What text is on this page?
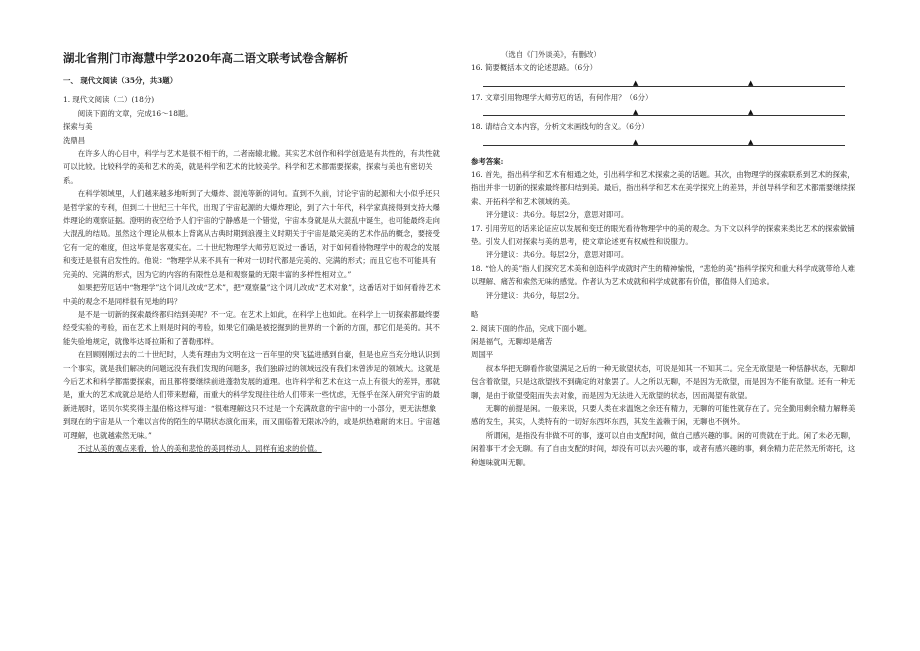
湖北省荆门市海慧中学2020年高二语文联考试卷含解析

一、 现代文阅读（35分，共3题）

1. 现代文阅读（二）(18分)

阅读下面的文章，完成16～18题。

探索与美

洗鼎昌

在许多人的心目中，科学与艺术是很不相干的，二者南辕北辙。其实艺术创作和科学创造是有共性的，有共性就可以比较。比较科学的美和艺术的美，就是科学和艺术的比较美学。科学和艺术都需要探索，探索与美也有密切关系。

在科学领域里，人们越来越多地听到了大爆炸、混沌等新的词句。直到不久前，讨论宇宙的起源和大小似乎还只是哲学家的专利，但到二十世纪三十年代，出现了宇宙起源的大爆炸理论，到了六十年代，科学家真接得到支持大爆炸理论的观察证据。澄明的夜空给予人们宇宙的宁静感是一个错觉，宇宙本身就是从大混乱中诞生，也可能最终走向大混乱的结局。虽然这个理论从根本上背离从古典时期到浪漫主义时期关于宇宙是最完美的艺术作品的概念，要接受它有一定的难度，但这毕竟是客观实在。二十世纪物理学大师劳厄说过一番话，对于如何看待物理学中的观念的发展和变迁是很有启发性的。他说：“物理学从来不具有一种对一切时代都是完美的、完满的形式；而且它也不可能具有完美的、完满的形式，因为它的内容的有限性总是和观察量的无限丰富的多样性相对立。”

如果把劳厄话中“物理学”这个词儿改成“艺术”，把“观察量”这个词儿改成“艺术对象”，这番话对于如何看待艺术中美的观念不是同样很有见地的吗？

是不是一切新的探索最终都归结到美呢？不一定。在艺术上如此，在科学上也如此。在科学上一切探索都最终要经受实验的考验，而在艺术上则是时间的考验，如果它们确是被挖掘到的世界的一个新的方面，那它们是美的。其不能失验地规定，就像毕达哥拉斯和了普勒那样。

在回顾刚刚过去的二十世纪时，人类有理由为文明在这一百年里的突飞猛进感到自豪，但是也应当充分地认识到一个事实，就是我们解决的问题远没有我们发现的问题多，我们独辟过的领域远没有我们未曾涉足的领域大。这就是今后艺术和科学都需要探索，而且都将要继续前进蓬勃发展的道理。也许科学和艺术在这一点上有很大的差异，那就是，重大的艺术成就总是给人们带来慰藉，而重大的科学发现往往给人们带来一些忧虑，无怪乎在深入研究宇宙的最新进展时，诺贝尔奖奖得主温伯格这样写道：“很难理解这只不过是一个充满敌意的宇宙中的一小部分，更无法想象到现在的宇宙是从一个难以言传的陌生的早期状态演化而来，而又面临着无限冰冷的，或是炽热难耐的末日。宇宙越可理解，也就越索然无味。”

不过从美的观点来看，恰人的美和悲怆的美同样动人，同样有追求的价值。

（选自《门外谈美》，有删改）

16. 简要概括本文的论述思路。（6分）

▲	▲

17. 文章引用物理学大师劳厄的话，有何作用？（6分）

▲	▲

18. 请结合文本内容，分析文末画线句的含义。（6分）

▲	▲

参考答案:

16. 首先，指出科学和艺术有相通之处，引出科学和艺术探索之美的话题。其次，由物理学的探索联系到艺术的探索，指出并非一切新的探索最终都归结到美。最后，指出科学和艺术在美学探究上的差异，并创导科学和艺术都需要继续探索、开拓科学和艺术领域的美。

评分建议：共6分。每层2分，意思对即可。

17. 引用劳厄的话来论证应以发展和变迁的眼光看待物理学中的美的观念。为下文以科学的探索来类比艺术的探索做铺垫。引发人们对探索与美的思考，使文章论述更有权威性和说服力。

评分建议：共6分。每层2分，意思对即可。

18. “恰人的美”指人们探究艺术美和创造科学成就时产生的精神愉悦，“悲怆的美”指科学探究和重大科学成就带给人难以理解、痛苦和索然无味的感觉。作者认为艺术成就和科学成就都有价值，都值得人们追求。

评分建议：共6分，每层2分。

略

2. 阅读下面的作品，完成下面小题。

闲是福气，无聊却是痛苦

周国平

叔本华把无聊看作欲望满足之后的一种无欲望状态，可说是知其一不知其二。完全无欲望是一种恬静状态，无聊却包含着欲望，只是这欲望找不到确定的对象罢了。人之所以无聊，不是因为无欲望，而是因为不能有欲望。还有一种无聊，是由于欲望受阻而失去对象，而是因为无法进入无欲望的状态，因而渴望有欲望。

无聊的前提是闲。一般来说，只要人类在求温饱之余还有精力，无聊的可能性就存在了。完全勤用剩余精力解释美感的发生，其实，人类特有的一切好东西坏东西，其发生盖赖于闲，无聊也不例外。

所谓闲，是指没有非做不可的事，遂可以自由支配时间，做自己感兴趣的事。闲的可贵就在于此。闲了未必无聊，闲着事干才会无聊。有了自由支配的时间，却没有可以去兴趣的事，或者有感兴趣的事，剩余精力茫茫然无所寄托，这种迦味就叫无聊。
